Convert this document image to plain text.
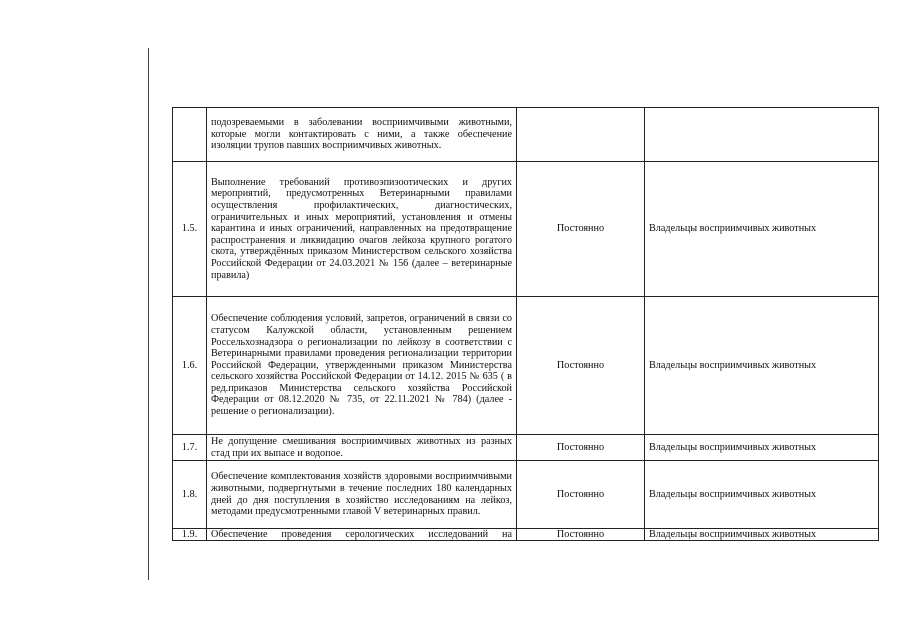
	подозреваемыми в заболевании восприимчивыми животными, которые могли контактировать с ними, а также обеспечение изоляции трупов павших восприимчивых животных.		
1.5.	Выполнение требований противоэпизоотических и других мероприятий, предусмотренных Ветеринарными правилами осуществления профилактических, диагностических, ограничительных и иных мероприятий, установления и отмены карантина и иных ограничений, направленных на предотвращение распространения и ликвидацию очагов лейкоза крупного рогатого скота, утверждённых приказом Министерством сельского хозяйства Российской Федерации от 24.03.2021 № 156 (далее – ветеринарные правила)	Постоянно	Владельцы восприимчивых животных
1.6.	Обеспечение соблюдения условий, запретов, ограничений в связи со статусом Калужской области, установленным решением Россельхознадзора о регионализации по лейкозу в соответствии с Ветеринарными правилами проведения регионализации территории Российской Федерации, утвержденными приказом Министерства сельского хозяйства Российской Федерации от 14.12. 2015 № 635 ( в ред.приказов Министерства сельского хозяйства Российской Федерации от 08.12.2020 № 735, от 22.11.2021 № 784) (далее - решение о регионализации).	Постоянно	Владельцы восприимчивых животных
1.7.	Не допущение смешивания восприимчивых животных из разных стад при их выпасе и водопое.	Постоянно	Владельцы восприимчивых животных
1.8.	Обеспечение комплектования хозяйств здоровыми восприимчивыми животными, подвергнутыми в течение последних 180 календарных дней до дня поступления в хозяйство исследованиям на лейкоз, методами предусмотренными главой V ветеринарных правил.	Постоянно	Владельцы восприимчивых животных
1.9.	Обеспечение проведения серологических исследований на	Постоянно	Владельцы восприимчивых животных
